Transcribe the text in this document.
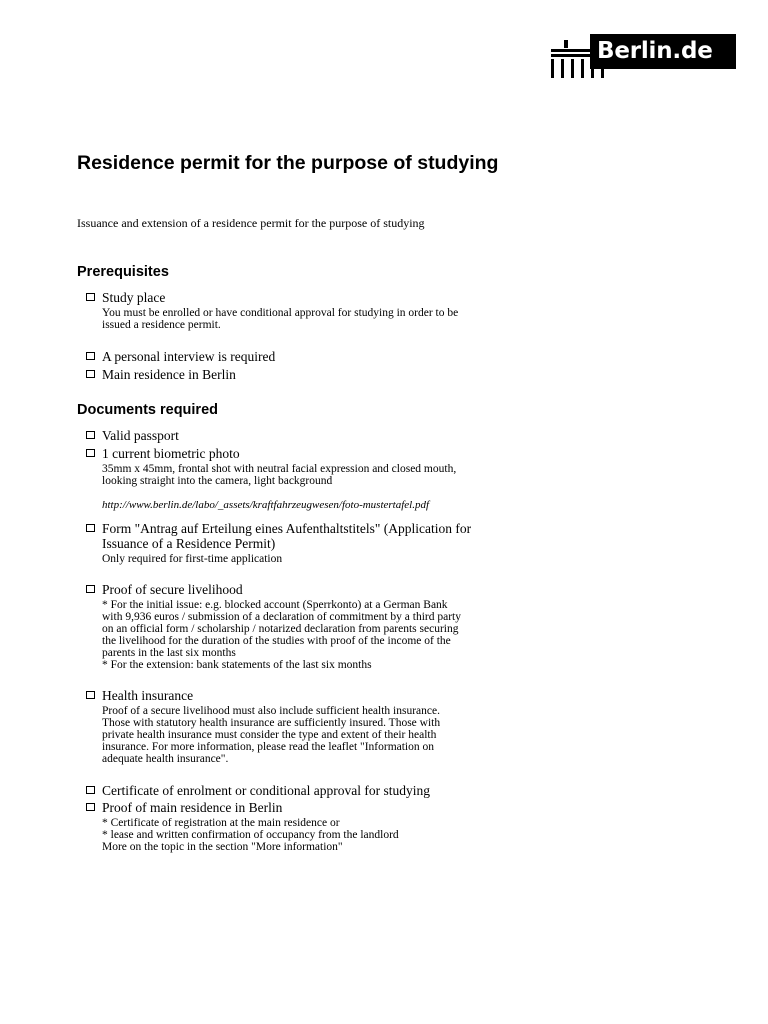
Berlin.de
Residence permit for the purpose of studying

Issuance and extension of a residence permit for the purpose of studying

Prerequisites
Study place
You must be enrolled or have conditional approval for studying in order to be
issued a residence permit.
A personal interview is required
Main residence in Berlin
Documents required
Valid passport
1 current biometric photo
35mm x 45mm, frontal shot with neutral facial expression and closed mouth,
looking straight into the camera, light background
http://www.berlin.de/labo/_assets/kraftfahrzeugwesen/foto-mustertafel.pdf
Form "Antrag auf Erteilung eines Aufenthaltstitels" (Application for
Issuance of a Residence Permit)
Only required for first-time application
Proof of secure livelihood
* For the initial issue: e.g. blocked account (Sperrkonto) at a German Bank
with 9,936 euros / submission of a declaration of commitment by a third party
on an official form / scholarship / notarized declaration from parents securing
the livelihood for the duration of the studies with proof of the income of the
parents in the last six months
* For the extension: bank statements of the last six months
Health insurance
Proof of a secure livelihood must also include sufficient health insurance.
Those with statutory health insurance are sufficiently insured. Those with
private health insurance must consider the type and extent of their health
insurance. For more information, please read the leaflet "Information on
adequate health insurance".
Certificate of enrolment or conditional approval for studying
Proof of main residence in Berlin
* Certificate of registration at the main residence or
* lease and written confirmation of occupancy from the landlord
More on the topic in the section "More information"
